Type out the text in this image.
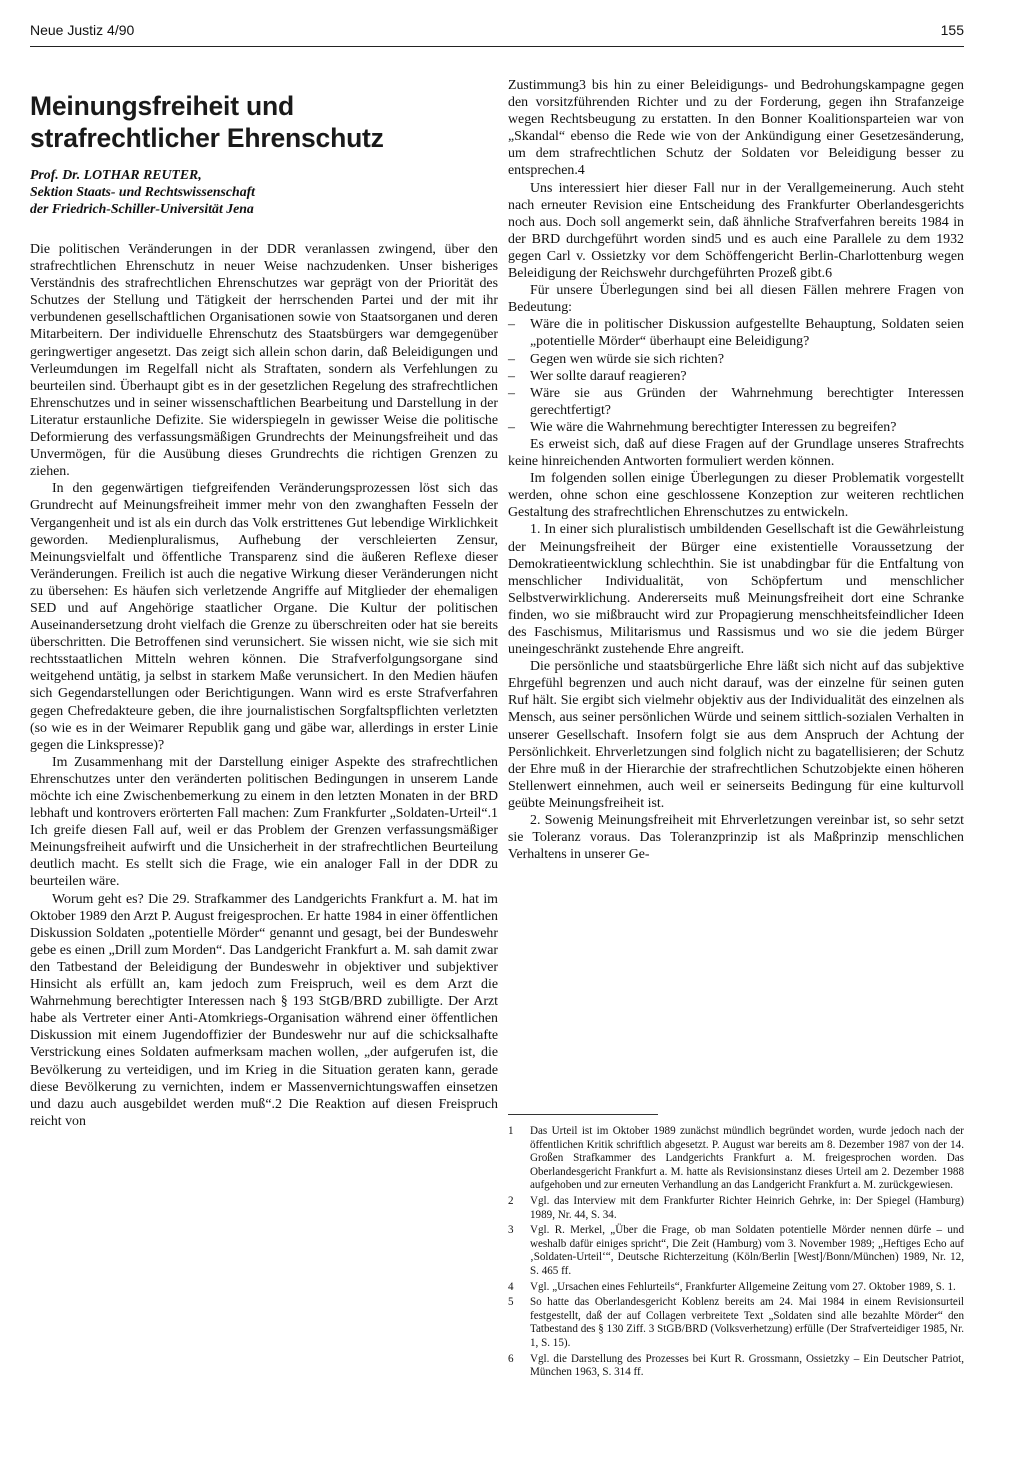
Neue Justiz 4/90	155
Meinungsfreiheit und
strafrechtlicher Ehrenschutz
Prof. Dr. LOTHAR REUTER,
Sektion Staats- und Rechtswissenschaft
der Friedrich-Schiller-Universität Jena

Die politischen Veränderungen in der DDR veranlassen zwingend, über den strafrechtlichen Ehrenschutz in neuer Weise nachzudenken. Unser bisheriges Verständnis des strafrechtlichen Ehrenschutzes war geprägt von der Priorität des Schutzes der Stellung und Tätigkeit der herrschenden Partei und der mit ihr verbundenen gesellschaftlichen Organisationen sowie von Staatsorganen und deren Mitarbeitern. Der individuelle Ehrenschutz des Staatsbürgers war demgegenüber geringwertiger angesetzt. Das zeigt sich allein schon darin, daß Beleidigungen und Verleumdungen im Regelfall nicht als Straftaten, sondern als Verfehlungen zu beurteilen sind. Überhaupt gibt es in der gesetzlichen Regelung des strafrechtlichen Ehrenschutzes und in seiner wissenschaftlichen Bearbeitung und Darstellung in der Literatur erstaunliche Defizite. Sie widerspiegeln in gewisser Weise die politische Deformierung des verfassungsmäßigen Grundrechts der Meinungsfreiheit und das Unvermögen, für die Ausübung dieses Grundrechts die richtigen Grenzen zu ziehen.

In den gegenwärtigen tiefgreifenden Veränderungsprozessen löst sich das Grundrecht auf Meinungsfreiheit immer mehr von den zwanghaften Fesseln der Vergangenheit und ist als ein durch das Volk erstrittenes Gut lebendige Wirklichkeit geworden. Medienpluralismus, Aufhebung der verschleierten Zensur, Meinungsvielfalt und öffentliche Transparenz sind die äußeren Reflexe dieser Veränderungen. Freilich ist auch die negative Wirkung dieser Veränderungen nicht zu übersehen: Es häufen sich verletzende Angriffe auf Mitglieder der ehemaligen SED und auf Angehörige staatlicher Organe. Die Kultur der politischen Auseinandersetzung droht vielfach die Grenze zu überschreiten oder hat sie bereits überschritten. Die Betroffenen sind verunsichert. Sie wissen nicht, wie sie sich mit rechtsstaatlichen Mitteln wehren können. Die Strafverfolgungsorgane sind weitgehend untätig, ja selbst in starkem Maße verunsichert. In den Medien häufen sich Gegendarstellungen oder Berichtigungen. Wann wird es erste Strafverfahren gegen Chefredakteure geben, die ihre journalistischen Sorgfaltspflichten verletzten (so wie es in der Weimarer Republik gang und gäbe war, allerdings in erster Linie gegen die Linkspresse)?

Im Zusammenhang mit der Darstellung einiger Aspekte des strafrechtlichen Ehrenschutzes unter den veränderten politischen Bedingungen in unserem Lande möchte ich eine Zwischenbemerkung zu einem in den letzten Monaten in der BRD lebhaft und kontrovers erörterten Fall machen: Zum Frankfurter „Soldaten-Urteil“.1 Ich greife diesen Fall auf, weil er das Problem der Grenzen verfassungsmäßiger Meinungsfreiheit aufwirft und die Unsicherheit in der strafrechtlichen Beurteilung deutlich macht. Es stellt sich die Frage, wie ein analoger Fall in der DDR zu beurteilen wäre.

Worum geht es? Die 29. Strafkammer des Landgerichts Frankfurt a. M. hat im Oktober 1989 den Arzt P. August freigesprochen. Er hatte 1984 in einer öffentlichen Diskussion Soldaten „potentielle Mörder“ genannt und gesagt, bei der Bundeswehr gebe es einen „Drill zum Morden“. Das Landgericht Frankfurt a. M. sah damit zwar den Tatbestand der Beleidigung der Bundeswehr in objektiver und subjektiver Hinsicht als erfüllt an, kam jedoch zum Freispruch, weil es dem Arzt die Wahrnehmung berechtigter Interessen nach § 193 StGB/BRD zubilligte. Der Arzt habe als Vertreter einer Anti-Atomkriegs-Organisation während einer öffentlichen Diskussion mit einem Jugendoffizier der Bundeswehr nur auf die schicksalhafte Verstrickung eines Soldaten aufmerksam machen wollen, „der aufgerufen ist, die Bevölkerung zu verteidigen, und im Krieg in die Situation geraten kann, gerade diese Bevölkerung zu vernichten, indem er Massenvernichtungswaffen einsetzen und dazu auch ausgebildet werden muß“.2 Die Reaktion auf diesen Freispruch reicht von

Zustimmung3 bis hin zu einer Beleidigungs- und Bedrohungskampagne gegen den vorsitzführenden Richter und zu der Forderung, gegen ihn Strafanzeige wegen Rechtsbeugung zu erstatten. In den Bonner Koalitionsparteien war von „Skandal“ ebenso die Rede wie von der Ankündigung einer Gesetzesänderung, um dem strafrechtlichen Schutz der Soldaten vor Beleidigung besser zu entsprechen.4

Uns interessiert hier dieser Fall nur in der Verallgemeinerung. Auch steht nach erneuter Revision eine Entscheidung des Frankfurter Oberlandesgerichts noch aus. Doch soll angemerkt sein, daß ähnliche Strafverfahren bereits 1984 in der BRD durchgeführt worden sind5 und es auch eine Parallele zu dem 1932 gegen Carl v. Ossietzky vor dem Schöffengericht Berlin-Charlottenburg wegen Beleidigung der Reichswehr durchgeführten Prozeß gibt.6

Für unsere Überlegungen sind bei all diesen Fällen mehrere Fragen von Bedeutung:

– Wäre die in politischer Diskussion aufgestellte Behauptung, Soldaten seien „potentielle Mörder“ überhaupt eine Beleidigung?
– Gegen wen würde sie sich richten?
– Wer sollte darauf reagieren?
– Wäre sie aus Gründen der Wahrnehmung berechtigter Interessen gerechtfertigt?
– Wie wäre die Wahrnehmung berechtigter Interessen zu begreifen?

Es erweist sich, daß auf diese Fragen auf der Grundlage unseres Strafrechts keine hinreichenden Antworten formuliert werden können.

Im folgenden sollen einige Überlegungen zu dieser Problematik vorgestellt werden, ohne schon eine geschlossene Konzeption zur weiteren rechtlichen Gestaltung des strafrechtlichen Ehrenschutzes zu entwickeln.

1. In einer sich pluralistisch umbildenden Gesellschaft ist die Gewährleistung der Meinungsfreiheit der Bürger eine existentielle Voraussetzung der Demokratieentwicklung schlechthin. Sie ist unabdingbar für die Entfaltung von menschlicher Individualität, von Schöpfertum und menschlicher Selbstverwirklichung. Andererseits muß Meinungsfreiheit dort eine Schranke finden, wo sie mißbraucht wird zur Propagierung menschheitsfeindlicher Ideen des Faschismus, Militarismus und Rassismus und wo sie die jedem Bürger uneingeschränkt zustehende Ehre angreift.

Die persönliche und staatsbürgerliche Ehre läßt sich nicht auf das subjektive Ehrgefühl begrenzen und auch nicht darauf, was der einzelne für seinen guten Ruf hält. Sie ergibt sich vielmehr objektiv aus der Individualität des einzelnen als Mensch, aus seiner persönlichen Würde und seinem sittlich-sozialen Verhalten in unserer Gesellschaft. Insofern folgt sie aus dem Anspruch der Achtung der Persönlichkeit. Ehrverletzungen sind folglich nicht zu bagatellisieren; der Schutz der Ehre muß in der Hierarchie der strafrechtlichen Schutzobjekte einen höheren Stellenwert einnehmen, auch weil er seinerseits Bedingung für eine kulturvoll geübte Meinungsfreiheit ist.

2. Sowenig Meinungsfreiheit mit Ehrverletzungen vereinbar ist, so sehr setzt sie Toleranz voraus. Das Toleranzprinzip ist als Maßprinzip menschlichen Verhaltens in unserer Ge-

1 Das Urteil ist im Oktober 1989 zunächst mündlich begründet worden, wurde jedoch nach der öffentlichen Kritik schriftlich abgesetzt. P. August war bereits am 8. Dezember 1987 von der 14. Großen Strafkammer des Landgerichts Frankfurt a. M. freigesprochen worden. Das Oberlandesgericht Frankfurt a. M. hatte als Revisionsinstanz dieses Urteil am 2. Dezember 1988 aufgehoben und zur erneuten Verhandlung an das Landgericht Frankfurt a. M. zurückgewiesen.
2 Vgl. das Interview mit dem Frankfurter Richter Heinrich Gehrke, in: Der Spiegel (Hamburg) 1989, Nr. 44, S. 34.
3 Vgl. R. Merkel, „Über die Frage, ob man Soldaten potentielle Mörder nennen dürfe – und weshalb dafür einiges spricht“, Die Zeit (Hamburg) vom 3. November 1989; „Heftiges Echo auf ‚Soldaten-Urteil‘“, Deutsche Richterzeitung (Köln/Berlin [West]/Bonn/München) 1989, Nr. 12, S. 465 ff.
4 Vgl. „Ursachen eines Fehlurteils“, Frankfurter Allgemeine Zeitung vom 27. Oktober 1989, S. 1.
5 So hatte das Oberlandesgericht Koblenz bereits am 24. Mai 1984 in einem Revisionsurteil festgestellt, daß der auf Collagen verbreitete Text „Soldaten sind alle bezahlte Mörder“ den Tatbestand des § 130 Ziff. 3 StGB/BRD (Volksverhetzung) erfülle (Der Strafverteidiger 1985, Nr. 1, S. 15).
6 Vgl. die Darstellung des Prozesses bei Kurt R. Grossmann, Ossietzky – Ein Deutscher Patriot, München 1963, S. 314 ff.
